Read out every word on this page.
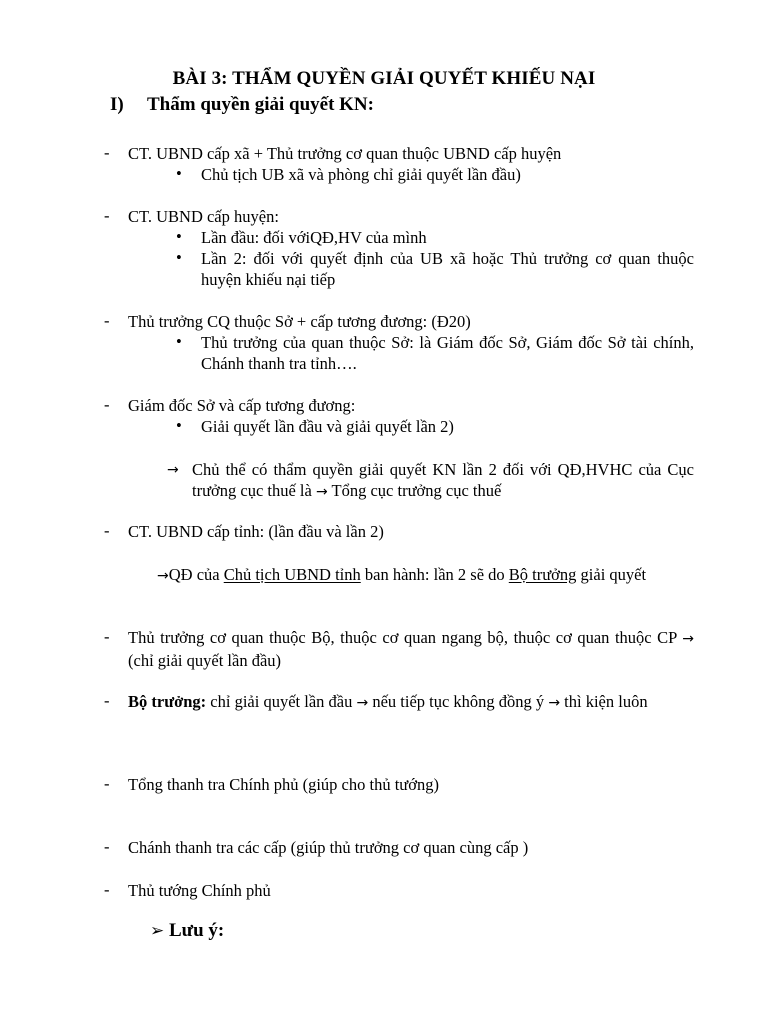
BÀI 3: THẨM QUYỀN GIẢI QUYẾT KHIẾU NẠI
I) Thẩm quyền giải quyết KN:
- CT. UBND cấp xã + Thủ trưởng cơ quan thuộc UBND cấp huyện
• Chủ tịch UB xã và phòng chỉ giải quyết lần đầu)
- CT. UBND cấp huyện:
• Lần đầu: đối vớiQĐ,HV của mình
• Lần 2: đối với quyết định của UB xã hoặc Thủ trưởng cơ quan thuộc huyện khiếu nại tiếp
- Thủ trưởng CQ thuộc Sở + cấp tương đương: (Đ20)
• Thủ trưởng của quan thuộc Sở: là Giám đốc Sở, Giám đốc Sở tài chính, Chánh thanh tra tỉnh….
- Giám đốc Sở và cấp tương đương:
• Giải quyết lần đầu và giải quyết lần 2)
→ Chủ thể có thẩm quyền giải quyết KN lần 2 đối với QĐ,HVHC của Cục trưởng cục thuế là → Tổng cục trưởng cục thuế
- CT. UBND cấp tỉnh: (lần đầu và lần 2)
→QĐ của Chủ tịch UBND tỉnh ban hành: lần 2 sẽ do Bộ trưởng giải quyết
- Thủ trưởng cơ quan thuộc Bộ, thuộc cơ quan ngang bộ, thuộc cơ quan thuộc CP → (chỉ giải quyết lần đầu)
- Bộ trưởng: chỉ giải quyết lần đầu → nếu tiếp tục không đồng ý → thì kiện luôn
- Tổng thanh tra Chính phủ (giúp cho thủ tướng)
- Chánh thanh tra các cấp (giúp thủ trưởng cơ quan cùng cấp )
- Thủ tướng Chính phủ
➢ Lưu ý:
